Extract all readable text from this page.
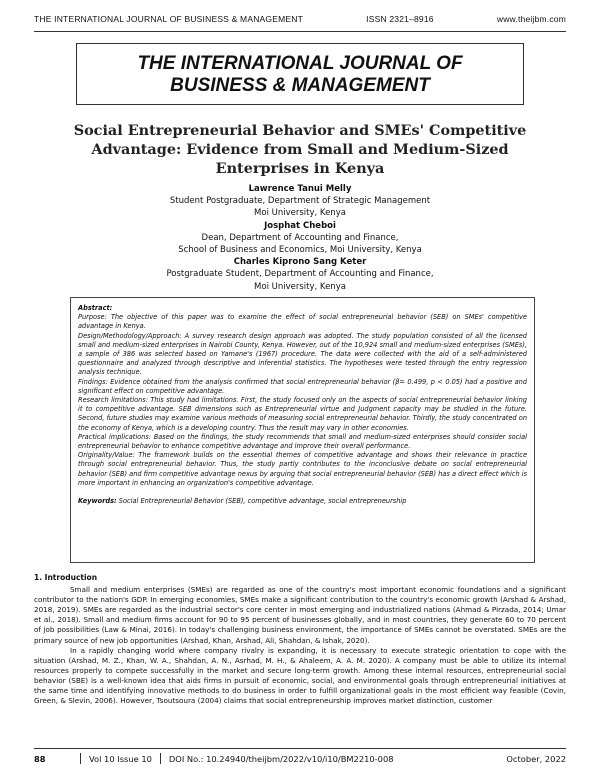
THE INTERNATIONAL JOURNAL OF BUSINESS & MANAGEMENT	ISSN 2321–8916	www.theijbm.com
THE INTERNATIONAL JOURNAL OF
BUSINESS & MANAGEMENT
Social Entrepreneurial Behavior and SMEs' Competitive Advantage: Evidence from Small and Medium-Sized Enterprises in Kenya
Lawrence Tanui Melly
Student Postgraduate, Department of Strategic Management
Moi University, Kenya
Josphat Cheboi
Dean, Department of Accounting and Finance,
School of Business and Economics, Moi University, Kenya
Charles Kiprono Sang Keter
Postgraduate Student, Department of Accounting and Finance,
Moi University, Kenya

Abstract:

Purpose: The objective of this paper was to examine the effect of social entrepreneurial behavior (SEB) on SMEs' competitive advantage in Kenya.

Design/Methodology/Approach: A survey research design approach was adopted. The study population consisted of all the licensed small and medium-sized enterprises in Nairobi County, Kenya. However, out of the 10,924 small and medium-sized enterprises (SMEs), a sample of 386 was selected based on Yamane's (1967) procedure. The data were collected with the aid of a self-administered questionnaire and analyzed through descriptive and inferential statistics. The hypotheses were tested through the entry regression analysis technique.

Findings: Evidence obtained from the analysis confirmed that social entrepreneurial behavior (β= 0.499, p < 0.05) had a positive and significant effect on competitive advantage.

Research limitations: This study had limitations. First, the study focused only on the aspects of social entrepreneurial behavior linking it to competitive advantage. SEB dimensions such as Entrepreneurial virtue and Judgment capacity may be studied in the future. Second, future studies may examine various methods of measuring social entrepreneurial behavior. Thirdly, the study concentrated on the economy of Kenya, which is a developing country. Thus the result may vary in other economies.

Practical implications: Based on the findings, the study recommends that small and medium-sized enterprises should consider social entrepreneurial behavior to enhance competitive advantage and improve their overall performance.

Originality/Value: The framework builds on the essential themes of competitive advantage and shows their relevance in practice through social entrepreneurial behavior. Thus, the study partly contributes to the inconclusive debate on social entrepreneurial behavior (SEB) and firm competitive advantage nexus by arguing that social entrepreneurial behavior (SEB) has a direct effect which is more important in enhancing an organization's competitive advantage.

Keywords: Social Entrepreneurial Behavior (SEB), competitive advantage, social entrepreneurship

1. Introduction

Small and medium enterprises (SMEs) are regarded as one of the country's most important economic foundations and a significant contributor to the nation's GDP. In emerging economies, SMEs make a significant contribution to the country's economic growth (Arshad & Arshad, 2018, 2019). SMEs are regarded as the industrial sector's core center in most emerging and industrialized nations (Ahmad & Pirzada, 2014; Umar et al., 2018). Small and medium firms account for 90 to 95 percent of businesses globally, and in most countries, they generate 60 to 70 percent of job possibilities (Law & Minai, 2016). In today's challenging business environment, the importance of SMEs cannot be overstated. SMEs are the primary source of new job opportunities (Arshad, Khan, Arshad, Ali, Shahdan, & Ishak, 2020).

In a rapidly changing world where company rivalry is expanding, it is necessary to execute strategic orientation to cope with the situation (Arshad, M. Z., Khan, W. A., Shahdan, A. N., Asrhad, M. H., & Ahaleem, A. A. M. 2020). A company must be able to utilize its internal resources properly to compete successfully in the market and secure long-term growth. Among these internal resources, entrepreneurial social behavior (SBE) is a well-known idea that aids firms in pursuit of economic, social, and environmental goals through entrepreneurial initiatives at the same time and identifying innovative methods to do business in order to fulfill organizational goals in the most efficient way feasible (Covin, Green, & Slevin, 2006). However, Tsoutsoura (2004) claims that social entrepreneurship improves market distinction, customer

88	Vol 10 Issue 10 DOI No.: 10.24940/theijbm/2022/v10/i10/BM2210-008	October, 2022
